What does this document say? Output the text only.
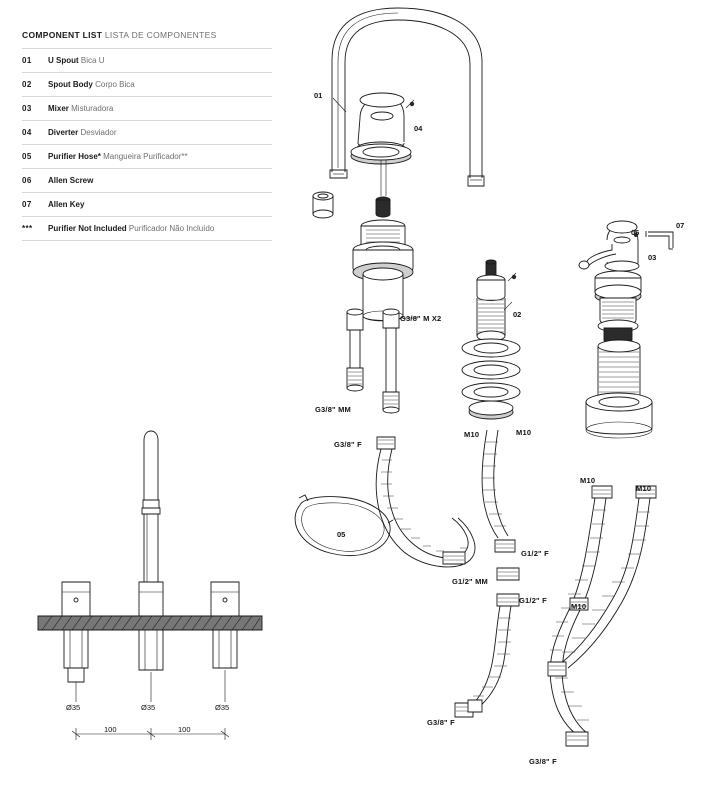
COMPONENT LIST LISTA DE COMPONENTES
01	U Spout Bica U
02	Spout Body Corpo Bica
03	Mixer Misturadora
04	Diverter Desviador
05	Purifier Hose* Mangueira Purificador**
06	Allen Screw
07	Allen Key
***	Purifier Not Included Purificador Não Incluído
01
04
02
05
06
07
03
G3/8" M X2
G3/8" MM
G3/8" F
M10	M10
G1/2" F
G1/2" MM
G1/2" F
G3/8" F
G3/8" F
M10
M10
M10
Ø35	Ø35	Ø35
100	100
